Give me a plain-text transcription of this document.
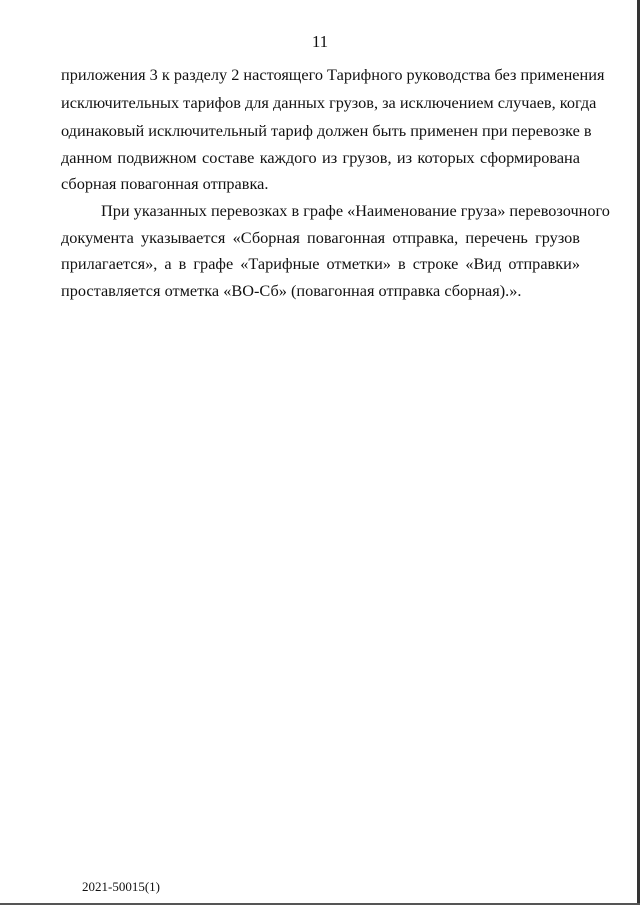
11
приложения 3 к разделу 2 настоящего Тарифного руководства без применения
исключительных тарифов для данных грузов, за исключением случаев, когда
одинаковый исключительный тариф должен быть применен при перевозке в
данном подвижном составе каждого из грузов, из которых сформирована
сборная повагонная отправка.
При указанных перевозках в графе «Наименование груза» перевозочного
документа указывается «Сборная повагонная отправка, перечень грузов
прилагается», а в графе «Тарифные отметки» в строке «Вид отправки»
проставляется отметка «ВО-Сб» (повагонная отправка сборная).».
2021-50015(1)
